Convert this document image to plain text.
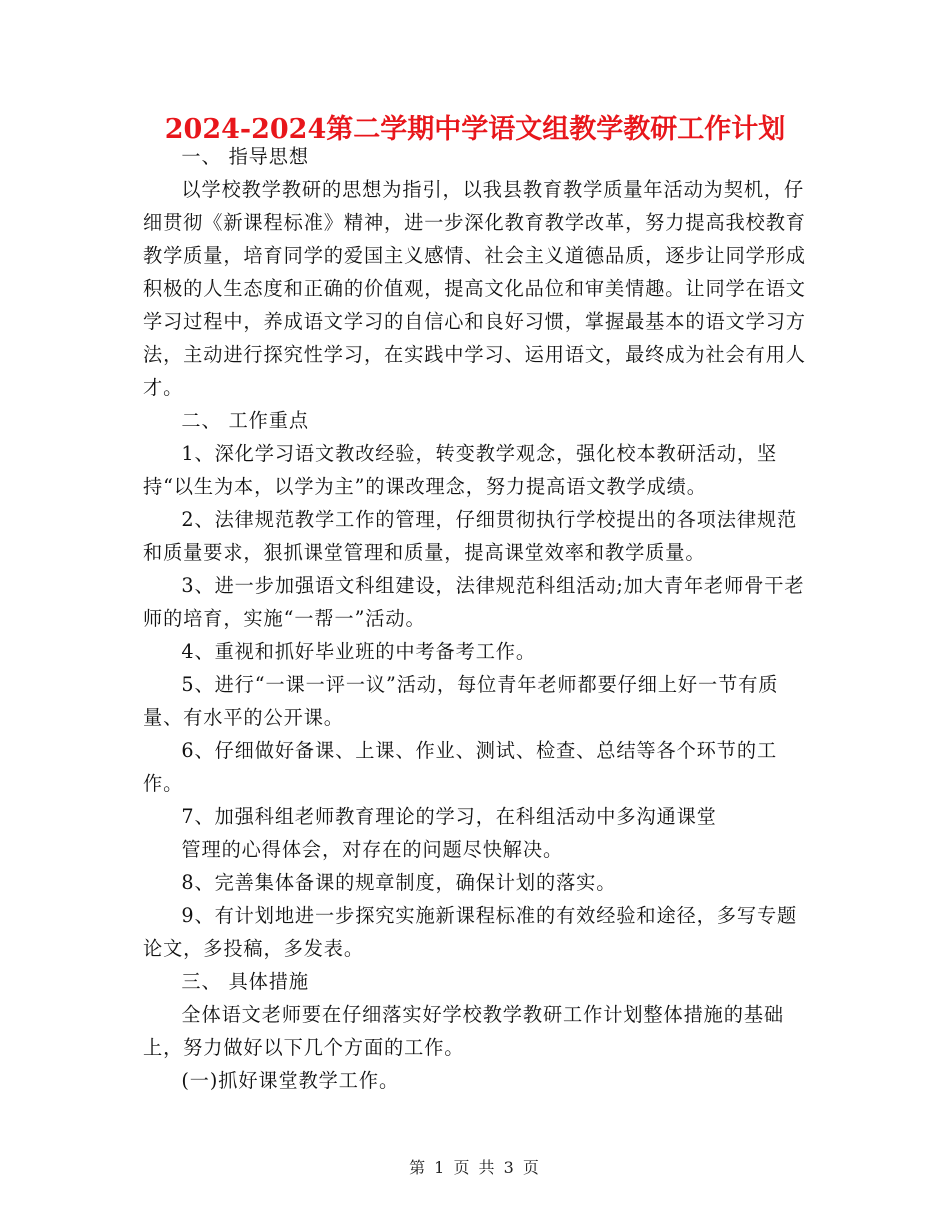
2024-2024第二学期中学语文组教学教研工作计划

一、 指导思想

以学校教学教研的思想为指引，以我县教育教学质量年活动为契机，仔细贯彻《新课程标准》精神，进一步深化教育教学改革，努力提高我校教育教学质量，培育同学的爱国主义感情、社会主义道德品质，逐步让同学形成积极的人生态度和正确的价值观，提高文化品位和审美情趣。让同学在语文学习过程中，养成语文学习的自信心和良好习惯，掌握最基本的语文学习方法，主动进行探究性学习，在实践中学习、运用语文，最终成为社会有用人才。

二、 工作重点

1、深化学习语文教改经验，转变教学观念，强化校本教研活动，坚持“以生为本，以学为主”的课改理念，努力提高语文教学成绩。

2、法律规范教学工作的管理，仔细贯彻执行学校提出的各项法律规范和质量要求，狠抓课堂管理和质量，提高课堂效率和教学质量。

3、进一步加强语文科组建设，法律规范科组活动;加大青年老师骨干老师的培育，实施“一帮一”活动。

4、重视和抓好毕业班的中考备考工作。

5、进行“一课一评一议”活动，每位青年老师都要仔细上好一节有质量、有水平的公开课。

6、仔细做好备课、上课、作业、测试、检查、总结等各个环节的工作。

7、加强科组老师教育理论的学习，在科组活动中多沟通课堂

管理的心得体会，对存在的问题尽快解决。

8、完善集体备课的规章制度，确保计划的落实。

9、有计划地进一步探究实施新课程标准的有效经验和途径，多写专题论文，多投稿，多发表。

三、 具体措施

全体语文老师要在仔细落实好学校教学教研工作计划整体措施的基础上，努力做好以下几个方面的工作。

(一)抓好课堂教学工作。

第 1 页 共 3 页
